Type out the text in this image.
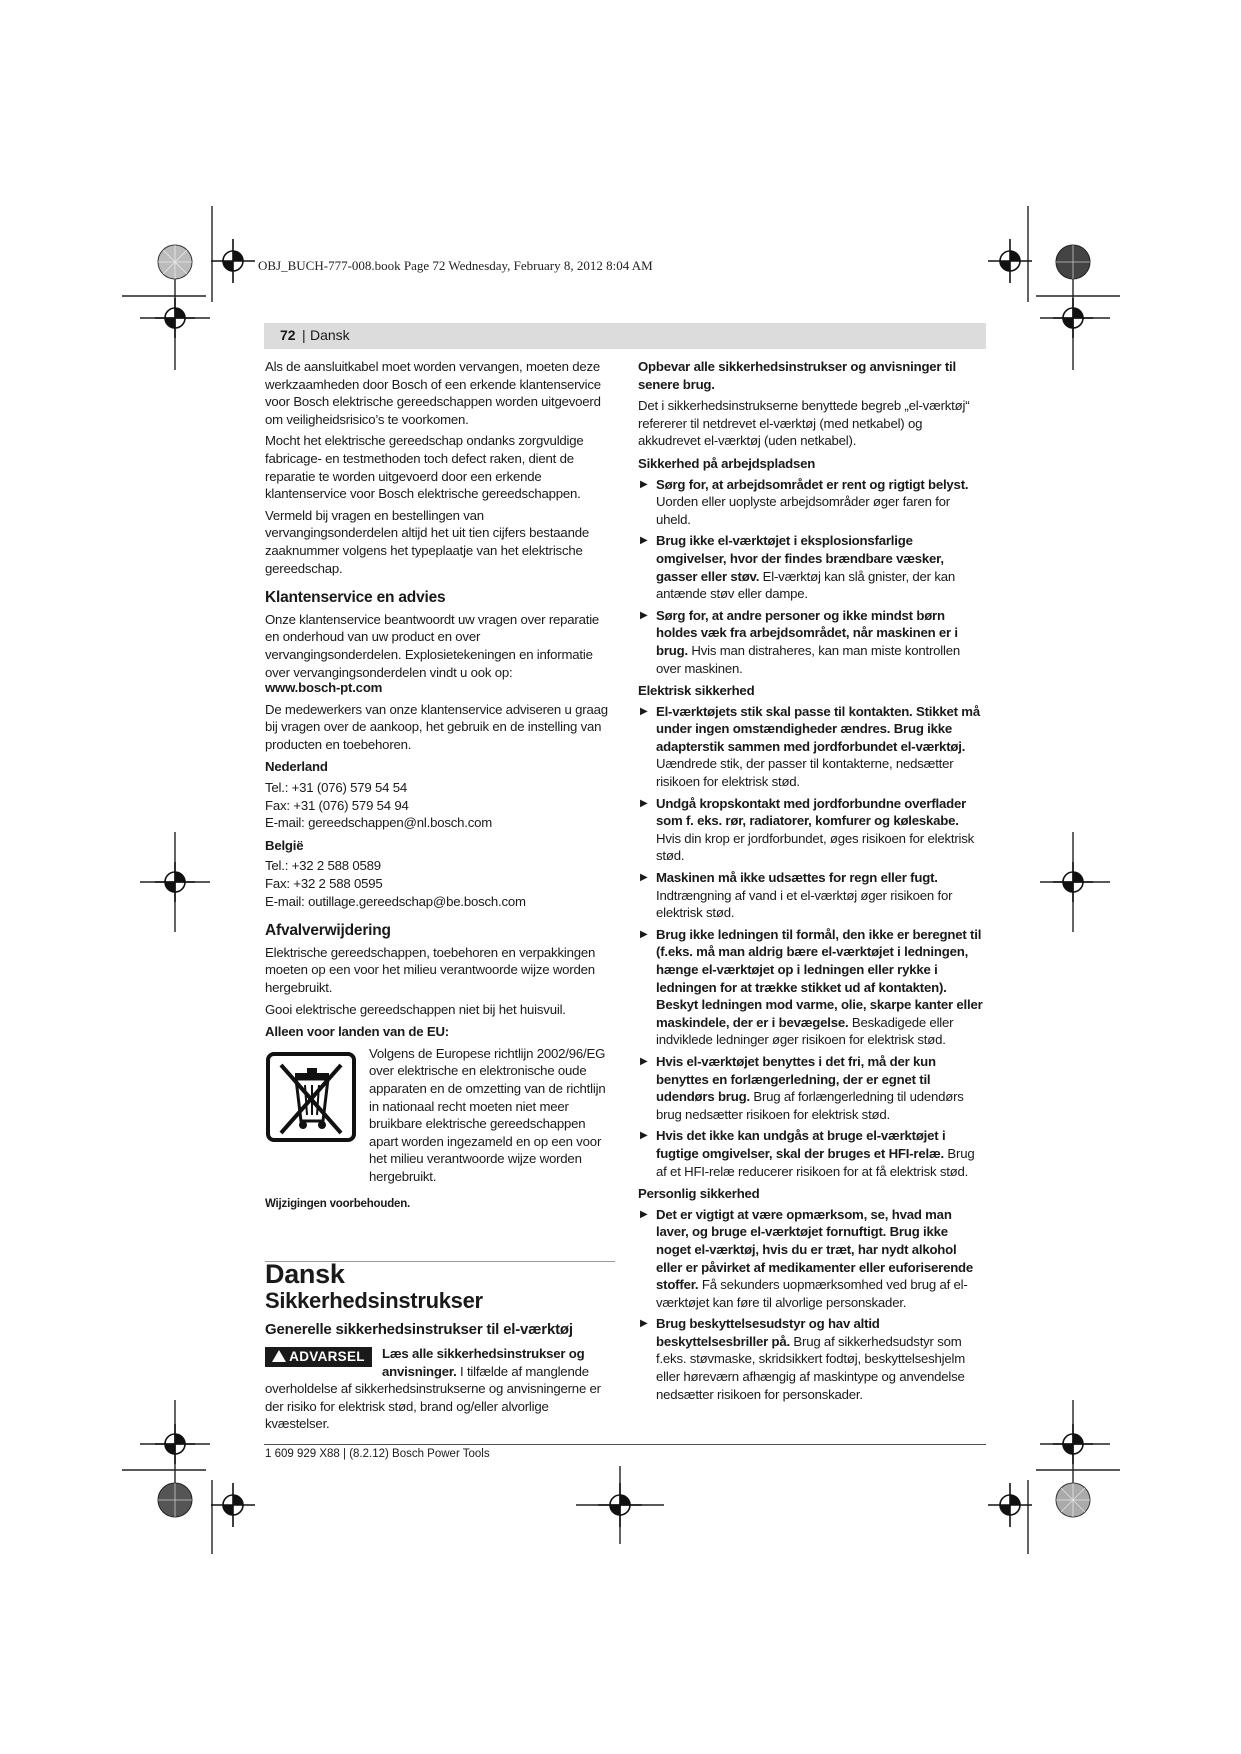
OBJ_BUCH-777-008.book Page 72 Wednesday, February 8, 2012 8:04 AM
72 | Dansk

Als de aansluitkabel moet worden vervangen, moeten deze werkzaamheden door Bosch of een erkende klantenservice voor Bosch elektrische gereedschappen worden uitgevoerd om veiligheidsrisico’s te voorkomen.

Mocht het elektrische gereedschap ondanks zorgvuldige fabricage- en testmethoden toch defect raken, dient de reparatie te worden uitgevoerd door een erkende klantenservice voor Bosch elektrische gereedschappen.

Vermeld bij vragen en bestellingen van vervangingsonderdelen altijd het uit tien cijfers bestaande zaaknummer volgens het typeplaatje van het elektrische gereedschap.

Klantenservice en advies

Onze klantenservice beantwoordt uw vragen over reparatie en onderhoud van uw product en over vervangingsonderdelen. Explosietekeningen en informatie over vervangingsonderdelen vindt u ook op:

www.bosch-pt.com

De medewerkers van onze klantenservice adviseren u graag bij vragen over de aankoop, het gebruik en de instelling van producten en toebehoren.

Nederland
Tel.: +31 (076) 579 54 54
Fax: +31 (076) 579 54 94
E-mail: gereedschappen@nl.bosch.com
België
Tel.: +32 2 588 0589
Fax: +32 2 588 0595
E-mail: outillage.gereedschap@be.bosch.com
Afvalverwijdering

Elektrische gereedschappen, toebehoren en verpakkingen moeten op een voor het milieu verantwoorde wijze worden hergebruikt.

Gooi elektrische gereedschappen niet bij het huisvuil.

Alleen voor landen van de EU:
Volgens de Europese richtlijn 2002/96/EG over elektrische en elektronische oude apparaten en de omzetting van de richtlijn in nationaal recht moeten niet meer bruikbare elektrische gereedschappen apart worden ingezameld en op een voor het milieu verantwoorde wijze worden hergebruikt.
Wijzigingen voorbehouden.
Dansk
Sikkerhedsinstrukser
Generelle sikkerhedsinstrukser til el-værktøj
ADVARSEL	Læs alle sikkerhedsinstrukser og anvisninger. I tilfælde af manglende overholdelse af sikkerhedsinstrukserne og anvisningerne er der risiko for elektrisk stød, brand og/eller alvorlige kvæstelser.

Opbevar alle sikkerhedsinstrukser og anvisninger til senere brug.

Det i sikkerhedsinstrukserne benyttede begreb „el-værktøj“ refererer til netdrevet el-værktøj (med netkabel) og akkudrevet el-værktøj (uden netkabel).

Sikkerhed på arbejdspladsen
▶ Sørg for, at arbejdsområdet er rent og rigtigt belyst. Uorden eller uoplyste arbejdsområder øger faren for uheld.
▶ Brug ikke el-værktøjet i eksplosionsfarlige omgivelser, hvor der findes brændbare væsker, gasser eller støv. El-værktøj kan slå gnister, der kan antænde støv eller dampe.
▶ Sørg for, at andre personer og ikke mindst børn holdes væk fra arbejdsområdet, når maskinen er i brug. Hvis man distraheres, kan man miste kontrollen over maskinen.
Elektrisk sikkerhed
▶ El-værktøjets stik skal passe til kontakten. Stikket må under ingen omstændigheder ændres. Brug ikke adapterstik sammen med jordforbundet el-værktøj. Uændrede stik, der passer til kontakterne, nedsætter risikoen for elektrisk stød.
▶ Undgå kropskontakt med jordforbundne overflader som f. eks. rør, radiatorer, komfurer og køleskabe. Hvis din krop er jordforbundet, øges risikoen for elektrisk stød.
▶ Maskinen må ikke udsættes for regn eller fugt. Indtrængning af vand i et el-værktøj øger risikoen for elektrisk stød.
▶ Brug ikke ledningen til formål, den ikke er beregnet til (f.eks. må man aldrig bære el-værktøjet i ledningen, hænge el-værktøjet op i ledningen eller rykke i ledningen for at trække stikket ud af kontakten). Beskyt ledningen mod varme, olie, skarpe kanter eller maskindele, der er i bevægelse. Beskadigede eller indviklede ledninger øger risikoen for elektrisk stød.
▶ Hvis el-værktøjet benyttes i det fri, må der kun benyttes en forlængerledning, der er egnet til udendørs brug. Brug af forlængerledning til udendørs brug nedsætter risikoen for elektrisk stød.
▶ Hvis det ikke kan undgås at bruge el-værktøjet i fugtige omgivelser, skal der bruges et HFI-relæ. Brug af et HFI-relæ reducerer risikoen for at få elektrisk stød.
Personlig sikkerhed
▶ Det er vigtigt at være opmærksom, se, hvad man laver, og bruge el-værktøjet fornuftigt. Brug ikke noget el-værktøj, hvis du er træt, har nydt alkohol eller er påvirket af medikamenter eller euforiserende stoffer. Få sekunders uopmærksomhed ved brug af el-værktøjet kan føre til alvorlige personskader.
▶ Brug beskyttelsesudstyr og hav altid beskyttelsesbriller på. Brug af sikkerhedsudstyr som f.eks. støvmaske, skridsikkert fodtøj, beskyttelseshjelm eller høreværn afhængig af maskintype og anvendelse nedsætter risikoen for personskader.
1 609 929 X88 | (8.2.12) Bosch Power Tools
